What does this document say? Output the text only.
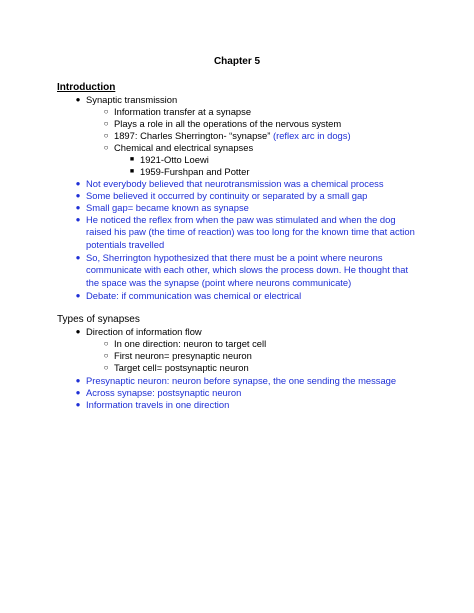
Chapter 5
Introduction
● Synaptic transmission
○ Information transfer at a synapse
○ Plays a role in all the operations of the nervous system
○ 1897: Charles Sherrington- “synapse” (reflex arc in dogs)
○ Chemical and electrical synapses
■ 1921-Otto Loewi
■ 1959-Furshpan and Potter
● Not everybody believed that neurotransmission was a chemical process
● Some believed it occurred by continuity or separated by a small gap
● Small gap= became known as synapse
● He noticed the reflex from when the paw was stimulated and when the dog
raised his paw (the time of reaction) was too long for the known time that action
potentials travelled
● So, Sherrington hypothesized that there must be a point where neurons
communicate with each other, which slows the process down. He thought that
the space was the synapse (point where neurons communicate)
● Debate: if communication was chemical or electrical
Types of synapses
● Direction of information flow
○ In one direction: neuron to target cell
○ First neuron= presynaptic neuron
○ Target cell= postsynaptic neuron
● Presynaptic neuron: neuron before synapse, the one sending the message
● Across synapse: postsynaptic neuron
● Information travels in one direction
